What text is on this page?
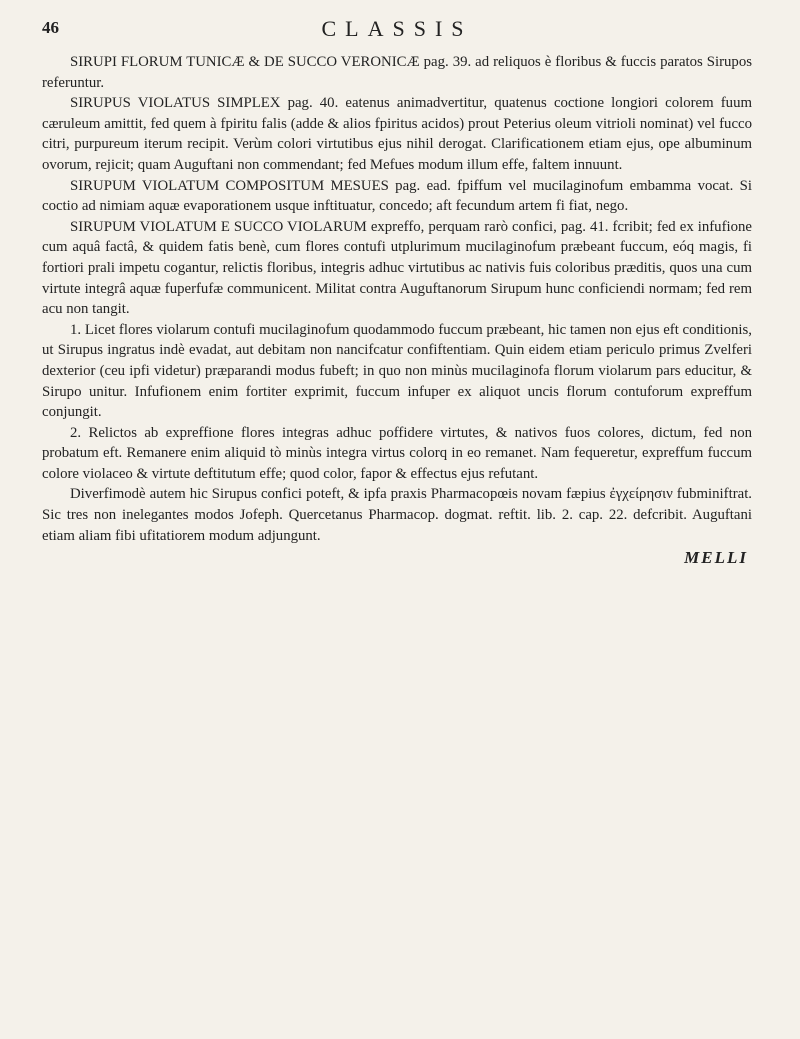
46	CLASSIS

SIRUPI FLORUM TUNICÆ & DE SUCCO VERONICÆ pag. 39. ad reliquos è floribus & fuccis paratos Sirupos referuntur.

SIRUPUS VIOLATUS SIMPLEX pag. 40. eatenus animadvertitur, quatenus coctione longiori colorem fuum cæruleum amittit, fed quem à fpiritu falis (adde & alios fpiritus acidos) prout Peterius oleum vitrioli nominat) vel fucco citri, purpureum iterum recipit. Verùm colori virtutibus ejus nihil derogat. Clarificationem etiam ejus, ope albuminum ovorum, rejicit; quam Auguftani non commendant; fed Mefues modum illum effe, faltem innuunt.

SIRUPUM VIOLATUM COMPOSITUM MESUES pag. ead. fpiffum vel mucilaginofum embamma vocat. Si coctio ad nimiam aquæ evaporationem usque inftituatur, concedo; aft fecundum artem fi fiat, nego.

SIRUPUM VIOLATUM E SUCCO VIOLARUM expreffo, perquam rarò confici, pag. 41. fcribit; fed ex infufione cum aquâ factâ, & quidem fatis benè, cum flores contufi utplurimum mucilaginofum præbeant fuccum, eóq magis, fi fortiori prali impetu cogantur, relictis floribus, integris adhuc virtutibus ac nativis fuis coloribus præditis, quos una cum virtute integrâ aquæ fuperfufæ communicent. Militat contra Auguftanorum Sirupum hunc conficiendi normam; fed rem acu non tangit.

1. Licet flores violarum contufi mucilaginofum quodammodo fuccum præbeant, hic tamen non ejus eft conditionis, ut Sirupus ingratus indè evadat, aut debitam non nancifcatur confiftentiam. Quin eidem etiam periculo primus Zvelferi dexterior (ceu ipfi videtur) præparandi modus fubeft; in quo non minùs mucilaginofa florum violarum pars educitur, & Sirupo unitur. Infufionem enim fortiter exprimit, fuccum infuper ex aliquot uncis florum contuforum expreffum conjungit.

2. Relictos ab expreffione flores integras adhuc poffidere virtutes, & nativos fuos colores, dictum, fed non probatum eft. Remanere enim aliquid tò minùs integra virtus colorq in eo remanet. Nam fequeretur, expreffum fuccum colore violaceo & virtute deftitutum effe; quod color, fapor & effectus ejus refutant.

Diverfimodè autem hic Sirupus confici poteft, & ipfa praxis Pharmacopœis novam fæpius ἐγχείρησιν fubminiftrat. Sic tres non inelegantes modos Jofeph. Quercetanus Pharmacop. dogmat. reftit. lib. 2. cap. 22. defcribit. Auguftani etiam aliam fibi ufitatiorem modum adjungunt.

MELLI
